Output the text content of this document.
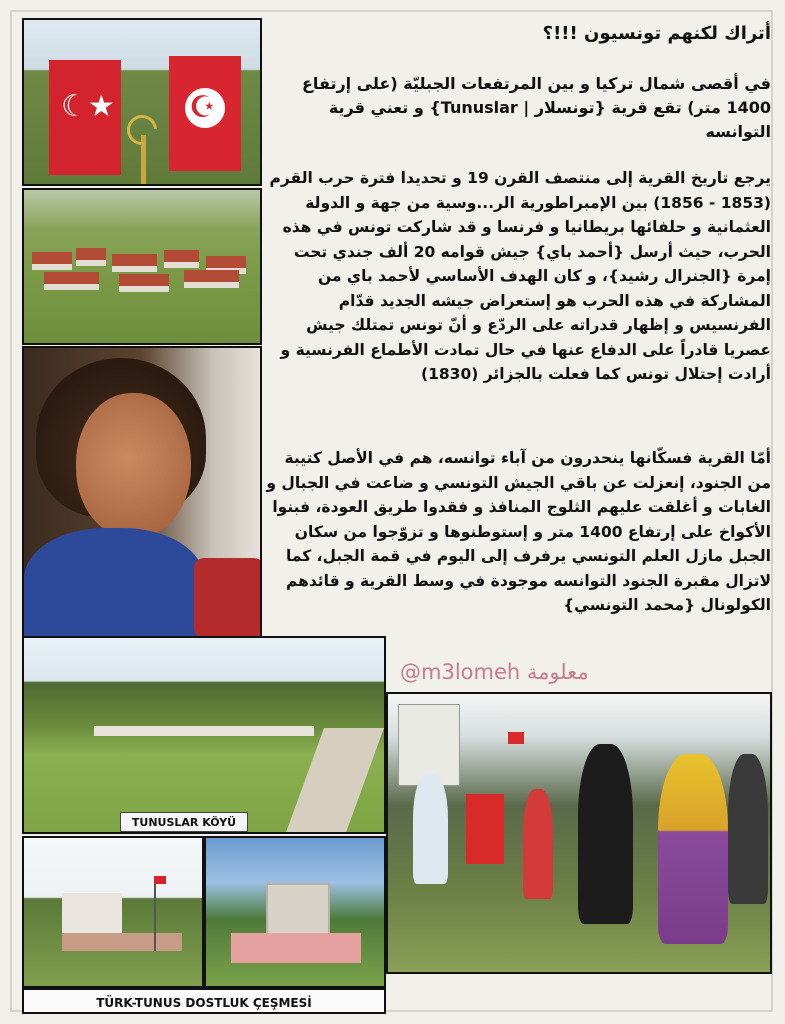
☾★ ☪
TUNUSLAR KÖYÜ
TÜRK-TUNUS DOSTLUK ÇEŞMESİ
أتراك لكنهم تونسيون !!!؟
في أقصى شمال تركيا و بين المرتفعات الجبليّة (على إرتفاع 1400 متر) تقع قرية {تونسلار | Tunuslar} و تعني قرية التوانسه
يرجع تاريخ القرية إلى منتصف القرن 19 و تحديدا فترة حرب القرم (1853 - 1856) بين الإمبراطورية الر...وسية من جهة و الدولة العثمانية و حلفائها بريطانيا و فرنسا و قد شاركت تونس في هذه الحرب، حيث أرسل {أحمد باي} جيش قوامه 20 ألف جندي تحت إمرة {الجنرال رشيد}، و كان الهدف الأساسي لأحمد باي من المشاركة في هذه الحرب هو إستعراض جيشه الجديد قدّام الفرنسيس و إظهار قدراته على الردّع و أنّ تونس تمتلك جيش عصريا قادراً على الدفاع عنها في حال تمادت الأطماع الفرنسية و أرادت إحتلال تونس كما فعلت بالجزائر (1830)
أمّا القرية فسكّانها ينحدرون من آباء توانسه، هم في الأصل كتيبة من الجنود، إنعزلت عن باقي الجيش التونسي و ضاعت في الجبال و الغابات و أغلقت عليهم الثلوج المنافذ و فقدوا طريق العودة، فبنوا الأكواخ على إرتفاع 1400 متر و إستوطنوها و تزوّجوا من سكان الجبل مازل العلم التونسي يرفرف إلى اليوم في قمة الجبل، كما لاتزال مقبرة الجنود التوانسه موجودة في وسط القرية و قائدهم الكولونال {محمد التونسي}
@m3lomeh معلومة
